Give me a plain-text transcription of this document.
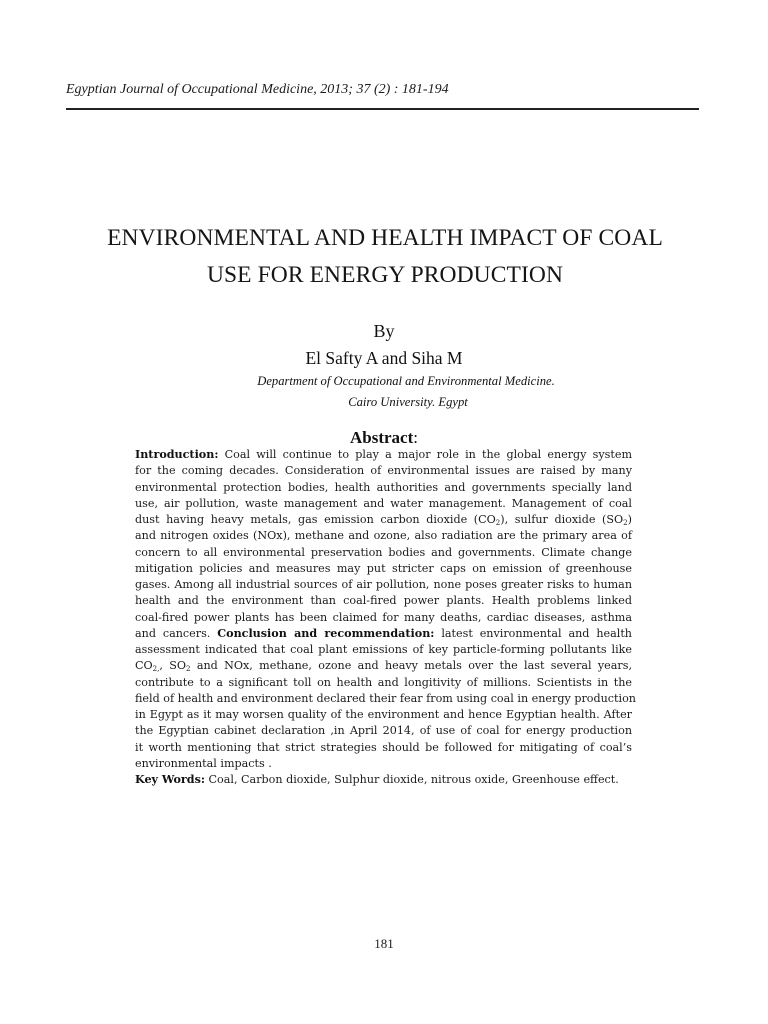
Egyptian Journal of Occupational Medicine, 2013; 37 (2) : 181-194
ENVIRONMENTAL AND HEALTH IMPACT OF COAL
USE FOR ENERGY PRODUCTION
By
El Safty A and Siha M
Department of Occupational and Environmental Medicine.
Cairo University. Egypt
Abstract:
Introduction: Coal will continue to play a major role in the global energy system
for the coming decades. Consideration of environmental issues are raised by many
environmental protection bodies, health authorities and governments specially land
use, air pollution, waste management and water management. Management of coal
dust having heavy metals, gas emission carbon dioxide $(CO_2)$, sulfur dioxide $(SO_2)$
and nitrogen oxides (NOx), methane and ozone, also radiation are the primary area of
concern to all environmental preservation bodies and governments. Climate change
mitigation policies and measures may put stricter caps on emission of greenhouse
gases. Among all industrial sources of air pollution, none poses greater risks to human
health and the environment than coal-fired power plants. Health problems linked
coal-fired power plants has been claimed for many deaths, cardiac diseases, asthma
and cancers. Conclusion and recommendation: latest environmental and health
assessment indicated that coal plant emissions of key particle-forming pollutants like
$CO_{2,}$, $SO_2$ and NOx, methane, ozone and heavy metals over the last several years,
contribute to a significant toll on health and longitivity of millions. Scientists in the
field of health and environment declared their fear from using coal in energy production
in Egypt as it may worsen quality of the environment and hence Egyptian health. After
the Egyptian cabinet declaration ,in April 2014, of use of coal for energy production
it worth mentioning that strict strategies should be followed for mitigating of coal’s
environmental impacts .
Key Words: Coal, Carbon dioxide, Sulphur dioxide, nitrous oxide, Greenhouse effect.
181
